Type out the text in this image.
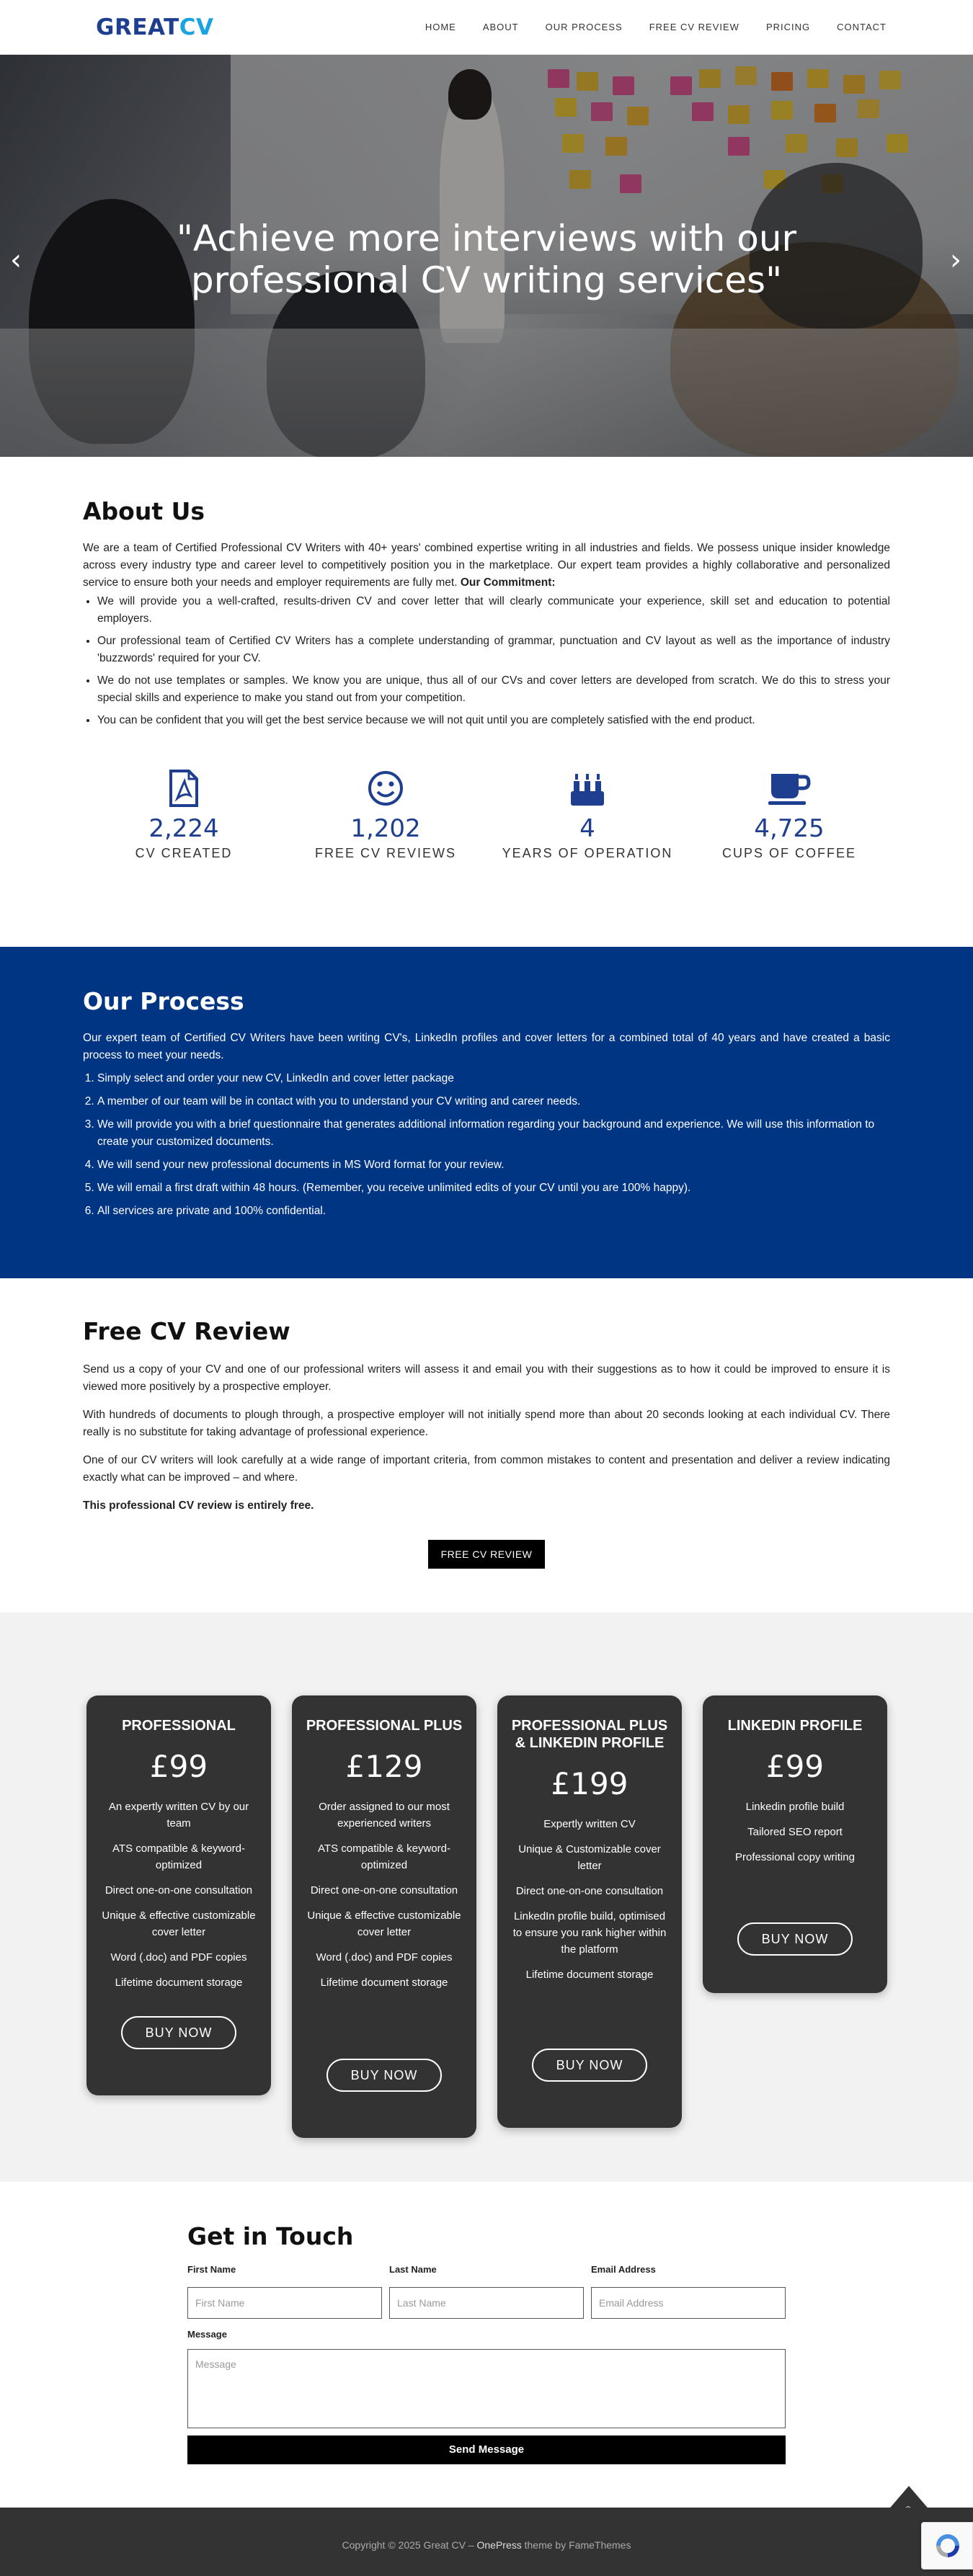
GREATCV	HOME	ABOUT	OUR PROCESS	FREE CV REVIEW	PRICING	CONTACT
"Achieve more interviews with our
professional CV writing services"
‹	›
About Us

We are a team of Certified Professional CV Writers with 40+ years' combined expertise writing in all industries and fields. We possess unique insider knowledge across every industry type and career level to competitively position you in the marketplace. Our expert team provides a highly collaborative and personalized service to ensure both your needs and employer requirements are fully met. Our Commitment:

• We will provide you a well-crafted, results-driven CV and cover letter that will clearly communicate your experience, skill set and education to potential employers.
• Our professional team of Certified CV Writers has a complete understanding of grammar, punctuation and CV layout as well as the importance of industry 'buzzwords' required for your CV.
• We do not use templates or samples. We know you are unique, thus all of our CVs and cover letters are developed from scratch. We do this to stress your special skills and experience to make you stand out from your competition.
• You can be confident that you will get the best service because we will not quit until you are completely satisfied with the end product.
2,224
CV CREATED
1,202
FREE CV REVIEWS
4
YEARS OF OPERATION
4,725
CUPS OF COFFEE
Our Process

Our expert team of Certified CV Writers have been writing CV's, LinkedIn profiles and cover letters for a combined total of 40 years and have created a basic process to meet your needs.

1. Simply select and order your new CV, LinkedIn and cover letter package
2. A member of our team will be in contact with you to understand your CV writing and career needs.
3. We will provide you with a brief questionnaire that generates additional information regarding your background and experience. We will use this information to create your customized documents.
4. We will send your new professional documents in MS Word format for your review.
5. We will email a first draft within 48 hours. (Remember, you receive unlimited edits of your CV until you are 100% happy).
6. All services are private and 100% confidential.
Free CV Review

Send us a copy of your CV and one of our professional writers will assess it and email you with their suggestions as to how it could be improved to ensure it is viewed more positively by a prospective employer.

With hundreds of documents to plough through, a prospective employer will not initially spend more than about 20 seconds looking at each individual CV. There really is no substitute for taking advantage of professional experience.

One of our CV writers will look carefully at a wide range of important criteria, from common mistakes to content and presentation and deliver a review indicating exactly what can be improved – and where.

This professional CV review is entirely free.

FREE CV REVIEW
PROFESSIONAL
£99
An expertly written CV by our team
ATS compatible & keyword-optimized
Direct one-on-one consultation
Unique & effective customizable cover letter
Word (.doc) and PDF copies
Lifetime document storage
BUY NOW
PROFESSIONAL PLUS
£129
Order assigned to our most experienced writers
ATS compatible & keyword-optimized
Direct one-on-one consultation
Unique & effective customizable cover letter
Word (.doc) and PDF copies
Lifetime document storage
BUY NOW
PROFESSIONAL PLUS & LINKEDIN PROFILE
£199
Expertly written CV
Unique & Customizable cover letter
Direct one-on-one consultation
LinkedIn profile build, optimised to ensure you rank higher within the platform
Lifetime document storage
BUY NOW
LINKEDIN PROFILE
£99
Linkedin profile build
Tailored SEO report
Professional copy writing
BUY NOW
Get in Touch
First Name	Last Name	Email Address
First Name	Last Name	Email Address
Message
Message
Send Message
Copyright © 2025 Great CV – OnePress theme by FameThemes
